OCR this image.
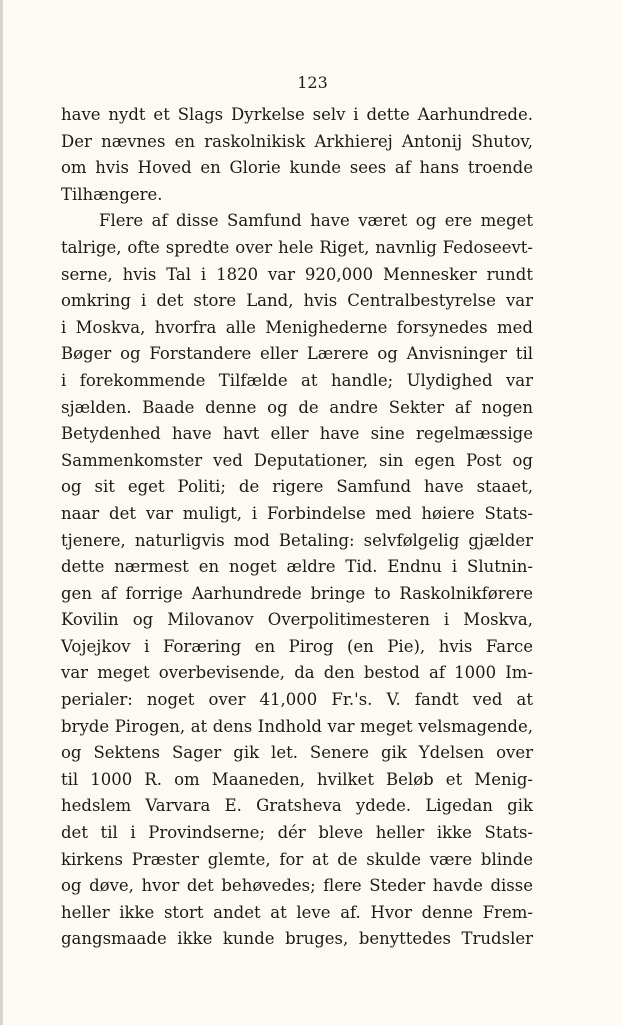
123
have nydt et Slags Dyrkelse selv i dette Aarhundrede.
Der nævnes en raskolnikisk Arkhierej Antonij Shutov,
om hvis Hoved en Glorie kunde sees af hans troende
Tilhængere.
Flere af disse Samfund have været og ere meget
talrige, ofte spredte over hele Riget, navnlig Fedoseevt-
serne, hvis Tal i 1820 var 920,000 Mennesker rundt
omkring i det store Land, hvis Centralbestyrelse var
i Moskva, hvorfra alle Menighederne forsynedes med
Bøger og Forstandere eller Lærere og Anvisninger til
i forekommende Tilfælde at handle; Ulydighed var
sjælden. Baade denne og de andre Sekter af nogen
Betydenhed have havt eller have sine regelmæssige
Sammenkomster ved Deputationer, sin egen Post og
og sit eget Politi; de rigere Samfund have staaet,
naar det var muligt, i Forbindelse med høiere Stats-
tjenere, naturligvis mod Betaling: selvfølgelig gjælder
dette nærmest en noget ældre Tid. Endnu i Slutnin-
gen af forrige Aarhundrede bringe to Raskolnikførere
Kovilin og Milovanov Overpolitimesteren i Moskva,
Vojejkov i Foræring en Pirog (en Pie), hvis Farce
var meget overbevisende, da den bestod af 1000 Im-
perialer: noget over 41,000 Fr.'s. V. fandt ved at
bryde Pirogen, at dens Indhold var meget velsmagende,
og Sektens Sager gik let. Senere gik Ydelsen over
til 1000 R. om Maaneden, hvilket Beløb et Menig-
hedslem Varvara E. Gratsheva ydede. Ligedan gik
det til i Provindserne; dér bleve heller ikke Stats-
kirkens Præster glemte, for at de skulde være blinde
og døve, hvor det behøvedes; flere Steder havde disse
heller ikke stort andet at leve af. Hvor denne Frem-
gangsmaade ikke kunde bruges, benyttedes Trudsler
